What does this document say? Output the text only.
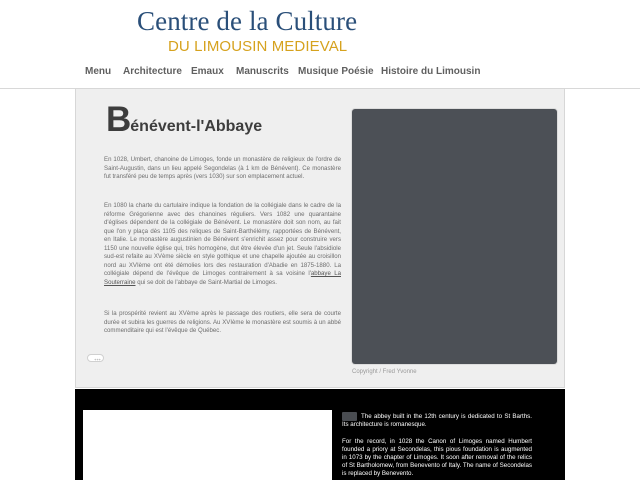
Centre de la Culture
DU LIMOUSIN MEDIEVAL
Menu Architecture Emaux Manuscrits Musique Poésie Histoire du Limousin
Bénévent-l'Abbaye

En 1028, Umbert, chanoine de Limoges, fonde un monastère de religieux de l'ordre de Saint-Augustin, dans un lieu appelé Segondelas (à 1 km de Bénévent). Ce monastère fut transféré peu de temps après (vers 1030) sur son emplacement actuel.

En 1080 la charte du cartulaire indique la fondation de la collégiale dans le cadre de la réforme Grégorienne avec des chanoines réguliers. Vers 1082 une quarantaine d'églises dépendent de la collégiale de Bénévent. Le monastère doit son nom, au fait que l'on y plaça dès 1105 des reliques de Saint-Barthélémy, rapportées de Bénévent, en Italie. Le monastère augustinien de Bénévent s'enrichit assez pour construire vers 1150 une nouvelle église qui, très homogène, dut être élevée d'un jet. Seule l'absidiole sud-est refaite au XVème siècle en style gothique et une chapelle ajoutée au croisillon nord au XVIème ont été démolies lors des restauration d'Abadie en 1875-1880. La collégiale dépend de l'évêque de Limoges contrairement à sa voisine l'abbaye La Souterraine qui se doit de l'abbaye de Saint-Martial de Limoges.

Si la prospérité revient au XVème après le passage des routiers, elle sera de courte durée et subira les guerres de religions. Au XVIème le monastère est soumis à un abbé commenditaire qui est l'évêque de Québec.

+++
Copyright / Fred Yvonne

The abbey built in the 12th century is dedicated to St Barths. Its architecture is romanesque.

For the record, in 1028 the Canon of Limoges named Humbert founded a priory at Secondelas, this pious foundation is augmented in 1073 by the chapter of Limoges. It soon after removal of the relics of St Bartholomew, from Benevento of Italy. The name of Secondelas is replaced by Benevento.
